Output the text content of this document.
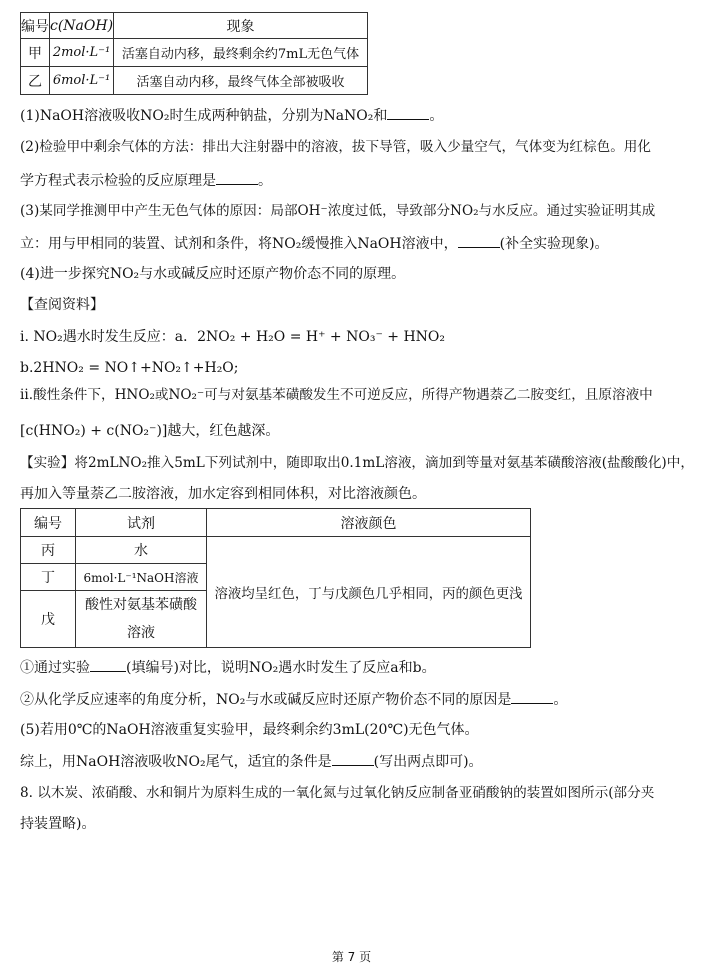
编号	c(NaOH)	现象
甲	2mol·L⁻¹	活塞自动内移，最终剩余约7mL无色气体
乙	6mol·L⁻¹	活塞自动内移，最终气体全部被吸收
(1)NaOH溶液吸收NO₂时生成两种钠盐，分别为NaNO₂和	。
(2)检验甲中剩余气体的方法：排出大注射器中的溶液，拔下导管，吸入少量空气，气体变为红棕色。用化
学方程式表示检验的反应原理是	。
(3)某同学推测甲中产生无色气体的原因：局部OH⁻浓度过低，导致部分NO₂与水反应。通过实验证明其成
立：用与甲相同的装置、试剂和条件，将NO₂缓慢推入NaOH溶液中，	(补全实验现象)。
(4)进一步探究NO₂与水或碱反应时还原产物价态不同的原理。
【查阅资料】
i. NO₂遇水时发生反应：a．2NO₂ + H₂O = H⁺ + NO₃⁻ + HNO₂
b.2HNO₂ = NO↑+NO₂↑+H₂O;
ii.酸性条件下，HNO₂或NO₂⁻可与对氨基苯磺酸发生不可逆反应，所得产物遇萘乙二胺变红，且原溶液中
[c(HNO₂) + c(NO₂⁻)]越大，红色越深。
【实验】将2mLNO₂推入5mL下列试剂中，随即取出0.1mL溶液，滴加到等量对氨基苯磺酸溶液(盐酸酸化)中，
再加入等量萘乙二胺溶液，加水定容到相同体积，对比溶液颜色。
编号	试剂	溶液颜色
丙	水	溶液均呈红色，丁与戊颜色几乎相同，丙的颜色更浅
丁	6mol·L⁻¹NaOH溶液	
戊	酸性对氨基苯磺酸溶液	
①通过实验	(填编号)对比，说明NO₂遇水时发生了反应a和b。
②从化学反应速率的角度分析，NO₂与水或碱反应时还原产物价态不同的原因是	。
(5)若用0℃的NaOH溶液重复实验甲，最终剩余约3mL(20℃)无色气体。
综上，用NaOH溶液吸收NO₂尾气，适宜的条件是	(写出两点即可)。
8. 以木炭、浓硝酸、水和铜片为原料生成的一氧化氮与过氧化钠反应制备亚硝酸钠的装置如图所示(部分夹
持装置略)。
第 7 页
